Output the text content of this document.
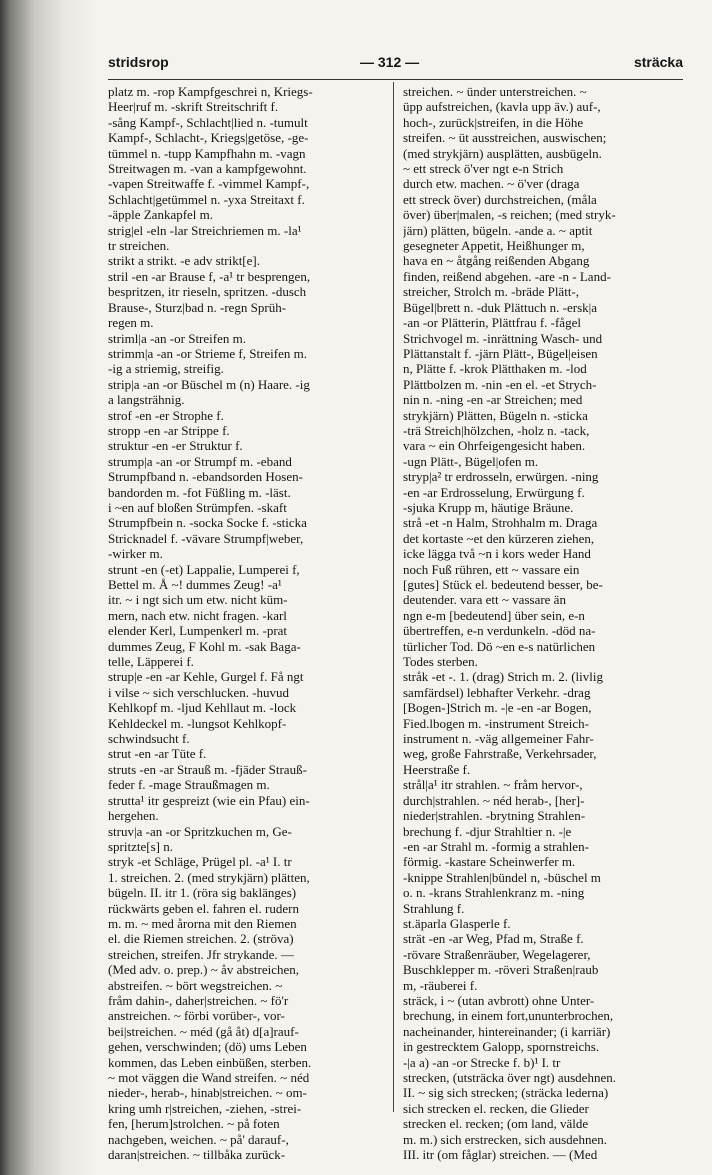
stridsrop	— 312 —	sträcka
platz m. -rop Kampfgeschrei n, Kriegs-
Heer|ruf m. -skrift Streitschrift f.
-sång Kampf-, Schlacht|lied n. -tumult
Kampf-, Schlacht-, Kriegs|getöse, -ge-
tümmel n. -tupp Kampfhahn m. -vagn
Streitwagen m. -van a kampfgewohnt.
-vapen Streitwaffe f. -vimmel Kampf-,
Schlacht|getümmel n. -yxa Streitaxt f.
-äpple Zankapfel m.
strig|el -eln -lar Streichriemen m. -la¹
tr streichen.
strikt a strikt. -e adv strikt[e].
stril -en -ar Brause f, -a¹ tr besprengen,
bespritzen, itr rieseln, spritzen. -dusch
Brause-, Sturz|bad n. -regn Sprüh-
regen m.
striml|a -an -or Streifen m.
strimm|a -an -or Strieme f, Streifen m.
-ig a striemig, streifig.
strip|a -an -or Büschel m (n) Haare. -ig
a langsträhnig.
strof -en -er Strophe f.
stropp -en -ar Strippe f.
struktur -en -er Struktur f.
strump|a -an -or Strumpf m. -eband
Strumpfband n. -ebandsorden Hosen-
bandorden m. -fot Füßling m. -läst.
i ~en auf bloßen Strümpfen. -skaft
Strumpfbein n. -socka Socke f. -sticka
Stricknadel f. -vävare Strumpf|weber,
-wirker m.
strunt -en (-et) Lappalie, Lumperei f,
Bettel m. Å ~! dummes Zeug! -a¹
itr. ~ i ngt sich um etw. nicht küm-
mern, nach etw. nicht fragen. -karl
elender Kerl, Lumpenkerl m. -prat
dummes Zeug, F Kohl m. -sak Baga-
telle, Läpperei f.
strup|e -en -ar Kehle, Gurgel f. Få ngt
i vilse ~ sich verschlucken. -huvud
Kehlkopf m. -ljud Kehllaut m. -lock
Kehldeckel m. -lungsot Kehlkopf-
schwindsucht f.
strut -en -ar Tüte f.
struts -en -ar Strauß m. -fjäder Strauß-
feder f. -mage Straußmagen m.
strutta¹ itr gespreizt (wie ein Pfau) ein-
hergehen.
struv|a -an -or Spritzkuchen m, Ge-
spritzte[s] n.
stryk -et Schläge, Prügel pl. -a¹ I. tr
1. streichen. 2. (med strykjärn) plätten,
bügeln. II. itr 1. (röra sig baklänges)
rückwärts geben el. fahren el. rudern
m. m. ~ med årorna mit den Riemen
el. die Riemen streichen. 2. (ströva)
streichen, streifen. Jfr strykande. —
(Med adv. o. prep.) ~ åv abstreichen,
abstreifen. ~ bört wegstreichen. ~
fråm dahin-, daher|streichen. ~ fö'r
anstreichen. ~ förbi vorüber-, vor-
bei|streichen. ~ méd (gå åt) d[a]rauf-
gehen, verschwinden; (dö) ums Leben
kommen, das Leben einbüßen, sterben.
~ mot väggen die Wand streifen. ~ néd
nieder-, herab-, hinab|streichen. ~ om-
kring umh r|streichen, -ziehen, -strei-
fen, [herum]strolchen. ~ på foten
nachgeben, weichen. ~ på' darauf-,
daran|streichen. ~ tillbåka zurück-
streichen. ~ ünder unterstreichen. ~
üpp aufstreichen, (kavla upp äv.) auf-,
hoch-, zurück|streifen, in die Höhe
streifen. ~ üt ausstreichen, auswischen;
(med strykjärn) ausplätten, ausbügeln.
~ ett streck ö'ver ngt e-n Strich
durch etw. machen. ~ ö'ver (draga
ett streck över) durchstreichen, (måla
över) über|malen, -s reichen; (med stryk-
järn) plätten, bügeln. -ande a. ~ aptit
gesegneter Appetit, Heißhunger m,
hava en ~ åtgång reißenden Abgang
finden, reißend abgehen. -are -n - Land-
streicher, Strolch m. -bräde Plätt-,
Bügel|brett n. -duk Plättuch n. -ersk|a
-an -or Plätterin, Plättfrau f. -fågel
Strichvogel m. -inrättning Wasch- und
Plättanstalt f. -järn Plätt-, Bügel|eisen
n, Plätte f. -krok Plätthaken m. -lod
Plättbolzen m. -nin -en el. -et Strych-
nin n. -ning -en -ar Streichen; med
strykjärn) Plätten, Bügeln n. -sticka
-trä Streich|hölzchen, -holz n. -tack,
vara ~ ein Ohrfeigengesicht haben.
-ugn Plätt-, Bügel|ofen m.
stryp|a² tr erdrosseln, erwürgen. -ning
-en -ar Erdrosselung, Erwürgung f.
-sjuka Krupp m, häutige Bräune.
strå -et -n Halm, Strohhalm m. Draga
det kortaste ~et den kürzeren ziehen,
icke lägga två ~n i kors weder Hand
noch Fuß rühren, ett ~ vassare ein
[gutes] Stück el. bedeutend besser, be-
deutender. vara ett ~ vassare än
ngn e-m [bedeutend] über sein, e-n
übertreffen, e-n verdunkeln. -död na-
türlicher Tod. Dö ~en e-s natürlichen
Todes sterben.
stråk -et -. 1. (drag) Strich m. 2. (livlig
samfärdsel) lebhafter Verkehr. -drag
[Bogen-]Strich m. -|e -en -ar Bogen,
Fied.lbogen m. -instrument Streich-
instrument n. -väg allgemeiner Fahr-
weg, große Fahrstraße, Verkehrsader,
Heerstraße f.
strål|a¹ itr strahlen. ~ fråm hervor-,
durch|strahlen. ~ néd herab-, [her]-
nieder|strahlen. -brytning Strahlen-
brechung f. -djur Strahltier n. -|e
-en -ar Strahl m. -formig a strahlen-
förmig. -kastare Scheinwerfer m.
-knippe Strahlen|bündel n, -büschel m
o. n. -krans Strahlenkranz m. -ning
Strahlung f.
st.äparla Glasperle f.
strät -en -ar Weg, Pfad m, Straße f.
-rövare Straßenräuber, Wegelagerer,
Buschklepper m. -röveri Straßen|raub
m, -räuberei f.
sträck, i ~ (utan avbrott) ohne Unter-
brechung, in einem fort,ununterbrochen,
nacheinander, hintereinander; (i karriär)
in gestrecktem Galopp, spornstreichs.
-|a a) -an -or Strecke f. b)¹ I. tr
strecken, (utsträcka över ngt) ausdehnen.
II. ~ sig sich strecken; (sträcka lederna)
sich strecken el. recken, die Glieder
strecken el. recken; (om land, välde
m. m.) sich erstrecken, sich ausdehnen.
III. itr (om fåglar) streichen. — (Med
